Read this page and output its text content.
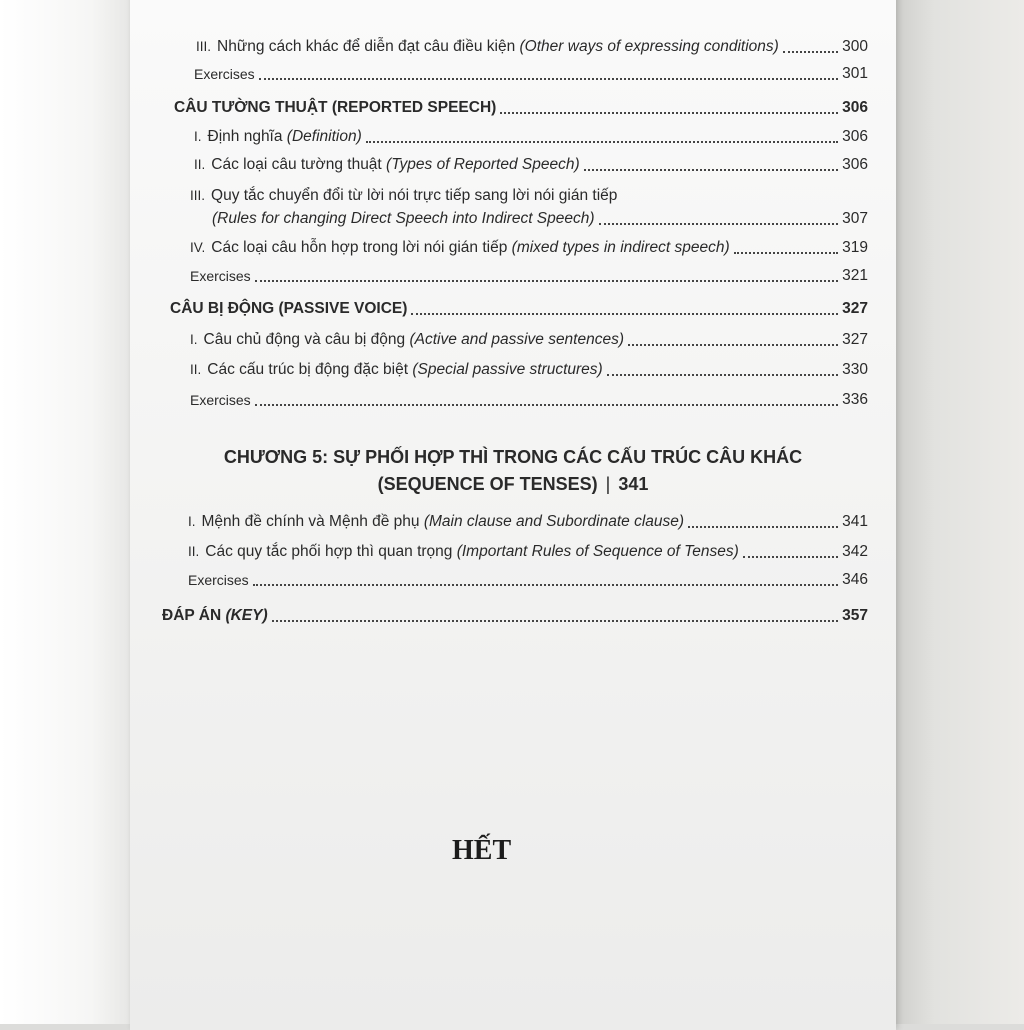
III. Những cách khác để diễn đạt câu điều kiện (Other ways of expressing conditions)	300
Exercises	301
CÂU TƯỜNG THUẬT (REPORTED SPEECH)	306
I. Định nghĩa (Definition)	306
II. Các loại câu tường thuật (Types of Reported Speech)	306
III. Quy tắc chuyển đổi từ lời nói trực tiếp sang lời nói gián tiếp
(Rules for changing Direct Speech into Indirect Speech)	307
IV. Các loại câu hỗn hợp trong lời nói gián tiếp (mixed types in indirect speech)	319
Exercises	321
CÂU BỊ ĐỘNG (PASSIVE VOICE)	327
I. Câu chủ động và câu bị động (Active and passive sentences)	327
II. Các cấu trúc bị động đặc biệt (Special passive structures)	330
Exercises	336
CHƯƠNG 5: SỰ PHỐI HỢP THÌ TRONG CÁC CẤU TRÚC CÂU KHÁC
(SEQUENCE OF TENSES) | 341
I. Mệnh đề chính và Mệnh đề phụ (Main clause and Subordinate clause)	341
II. Các quy tắc phối hợp thì quan trọng (Important Rules of Sequence of Tenses)	342
Exercises	346
ĐÁP ÁN (KEY)	357
HẾT
